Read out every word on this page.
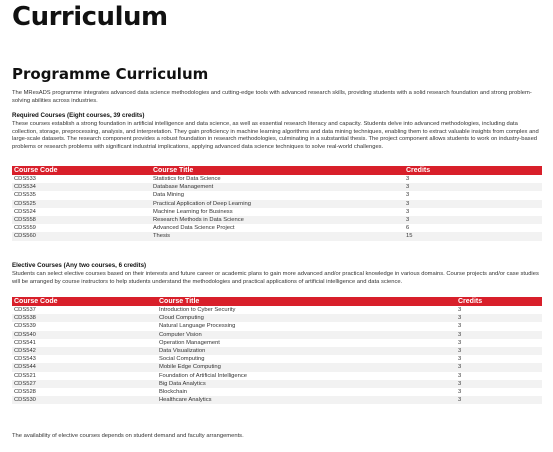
Curriculum
Programme Curriculum

The MResADS programme integrates advanced data science methodologies and cutting-edge tools with advanced research skills, providing students with a solid research foundation and strong problem-solving abilities across industries.

Required Courses (Eight courses, 39 credits)

These courses establish a strong foundation in artificial intelligence and data science, as well as essential research literacy and capacity. Students delve into advanced methodologies, including data collection, storage, preprocessing, analysis, and interpretation. They gain proficiency in machine learning algorithms and data mining techniques, enabling them to extract valuable insights from complex and large-scale datasets. The research component provides a robust foundation in research methodologies, culminating in a substantial thesis. The project component allows students to work on industry-based problems or research problems with significant industrial implications, applying advanced data science techniques to solve real-world challenges.

Course Code	Course Title	Credits
CDS533	Statistics for Data Science	3
CDS534	Database Management	3
CDS535	Data Mining	3
CDS525	Practical Application of Deep Learning	3
CDS524	Machine Learning for Business	3
CDS558	Research Methods in Data Science	3
CDS559	Advanced Data Science Project	6
CDS560	Thesis	15

Elective Courses (Any two courses, 6 credits)

Students can select elective courses based on their interests and future career or academic plans to gain more advanced and/or practical knowledge in various domains. Course projects and/or case studies will be arranged by course instructors to help students understand the methodologies and practical applications of artificial intelligence and data science.

Course Code	Course Title	Credits
CDS537	Introduction to Cyber Security	3
CDS538	Cloud Computing	3
CDS539	Natural Language Processing	3
CDS540	Computer Vision	3
CDS541	Operation Management	3
CDS542	Data Visualization	3
CDS543	Social Computing	3
CDS544	Mobile Edge Computing	3
CDS521	Foundation of Artificial Intelligence	3
CDS527	Big Data Analytics	3
CDS528	Blockchain	3
CDS530	Healthcare Analytics	3

The availability of elective courses depends on student demand and faculty arrangements.
